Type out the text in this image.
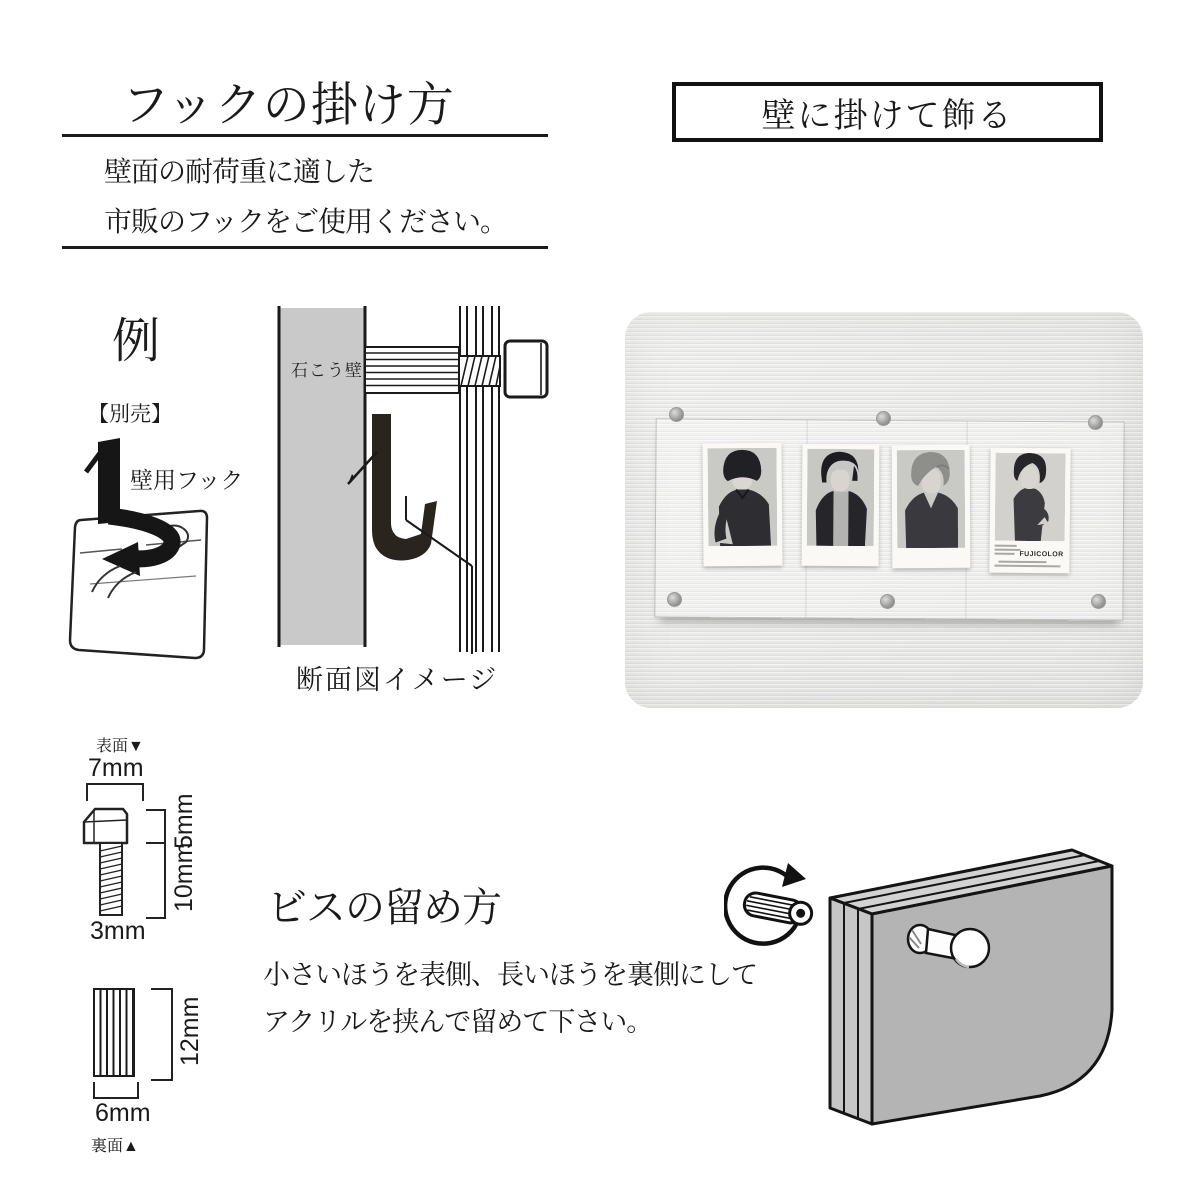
フックの掛け方
壁面の耐荷重に適した
市販のフックをご使用ください。
壁に掛けて飾る
例
【別売】
壁用フック
石こう壁
断面図イメージ
FUJICOLOR
表面▼
7mm
5mm
10mm
3mm
12mm
6mm
裏面▲
ビスの留め方
小さいほうを表側、長いほうを裏側にして
アクリルを挟んで留めて下さい。
